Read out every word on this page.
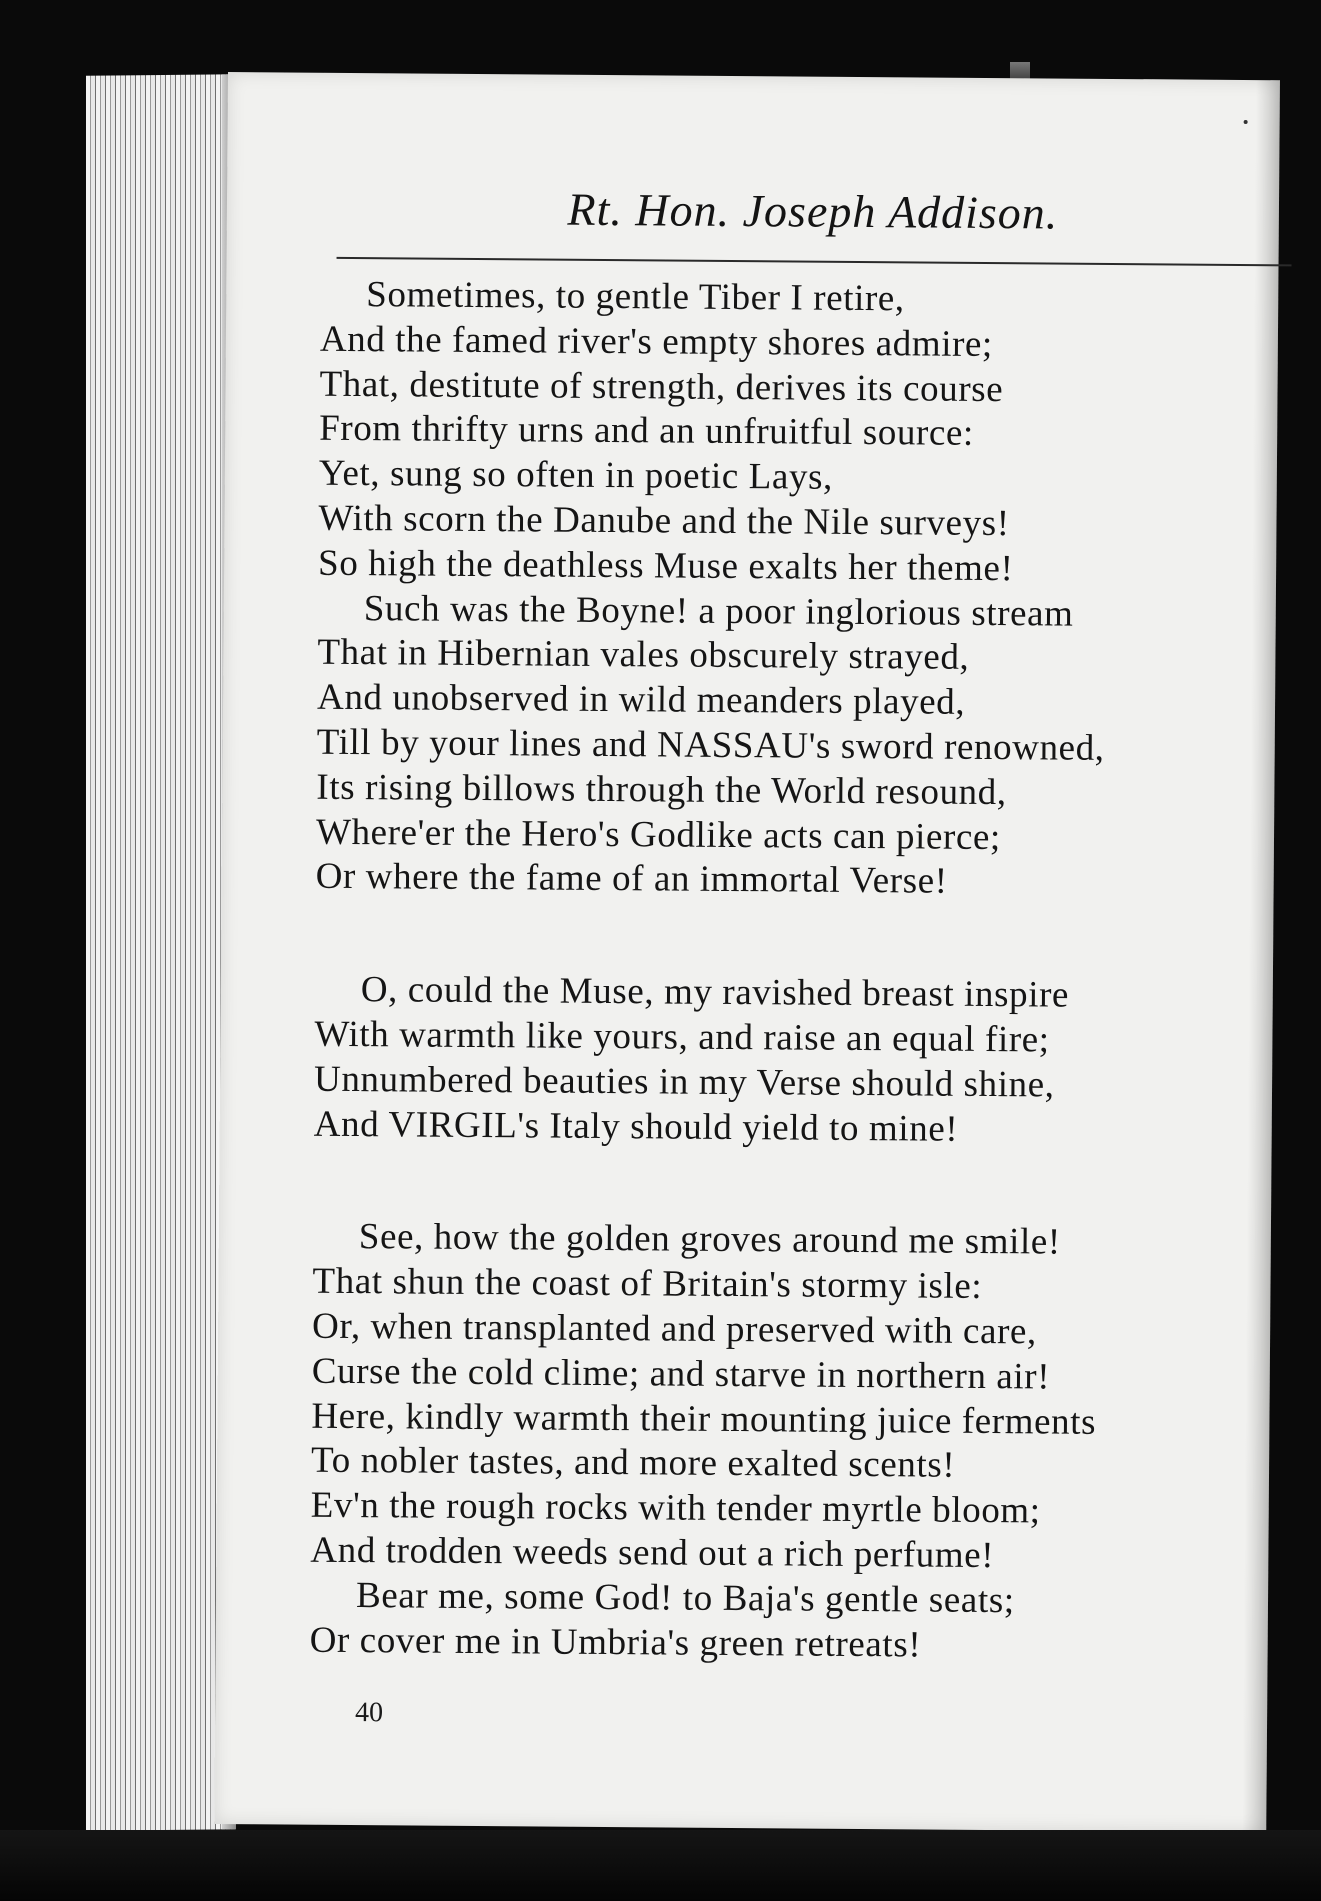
Rt. Hon. Joseph Addison.
Sometimes, to gentle Tiber I retire,
And the famed river's empty shores admire;
That, destitute of strength, derives its course
From thrifty urns and an unfruitful source:
Yet, sung so often in poetic Lays,
With scorn the Danube and the Nile surveys!
So high the deathless Muse exalts her theme!
Such was the Boyne! a poor inglorious stream
That in Hibernian vales obscurely strayed,
And unobserved in wild meanders played,
Till by your lines and NASSAU's sword renowned,
Its rising billows through the World resound,
Where'er the Hero's Godlike acts can pierce;
Or where the fame of an immortal Verse!
O, could the Muse, my ravished breast inspire
With warmth like yours, and raise an equal fire;
Unnumbered beauties in my Verse should shine,
And VIRGIL's Italy should yield to mine!
See, how the golden groves around me smile!
That shun the coast of Britain's stormy isle:
Or, when transplanted and preserved with care,
Curse the cold clime; and starve in northern air!
Here, kindly warmth their mounting juice ferments
To nobler tastes, and more exalted scents!
Ev'n the rough rocks with tender myrtle bloom;
And trodden weeds send out a rich perfume!
Bear me, some God! to Baja's gentle seats;
Or cover me in Umbria's green retreats!
40
